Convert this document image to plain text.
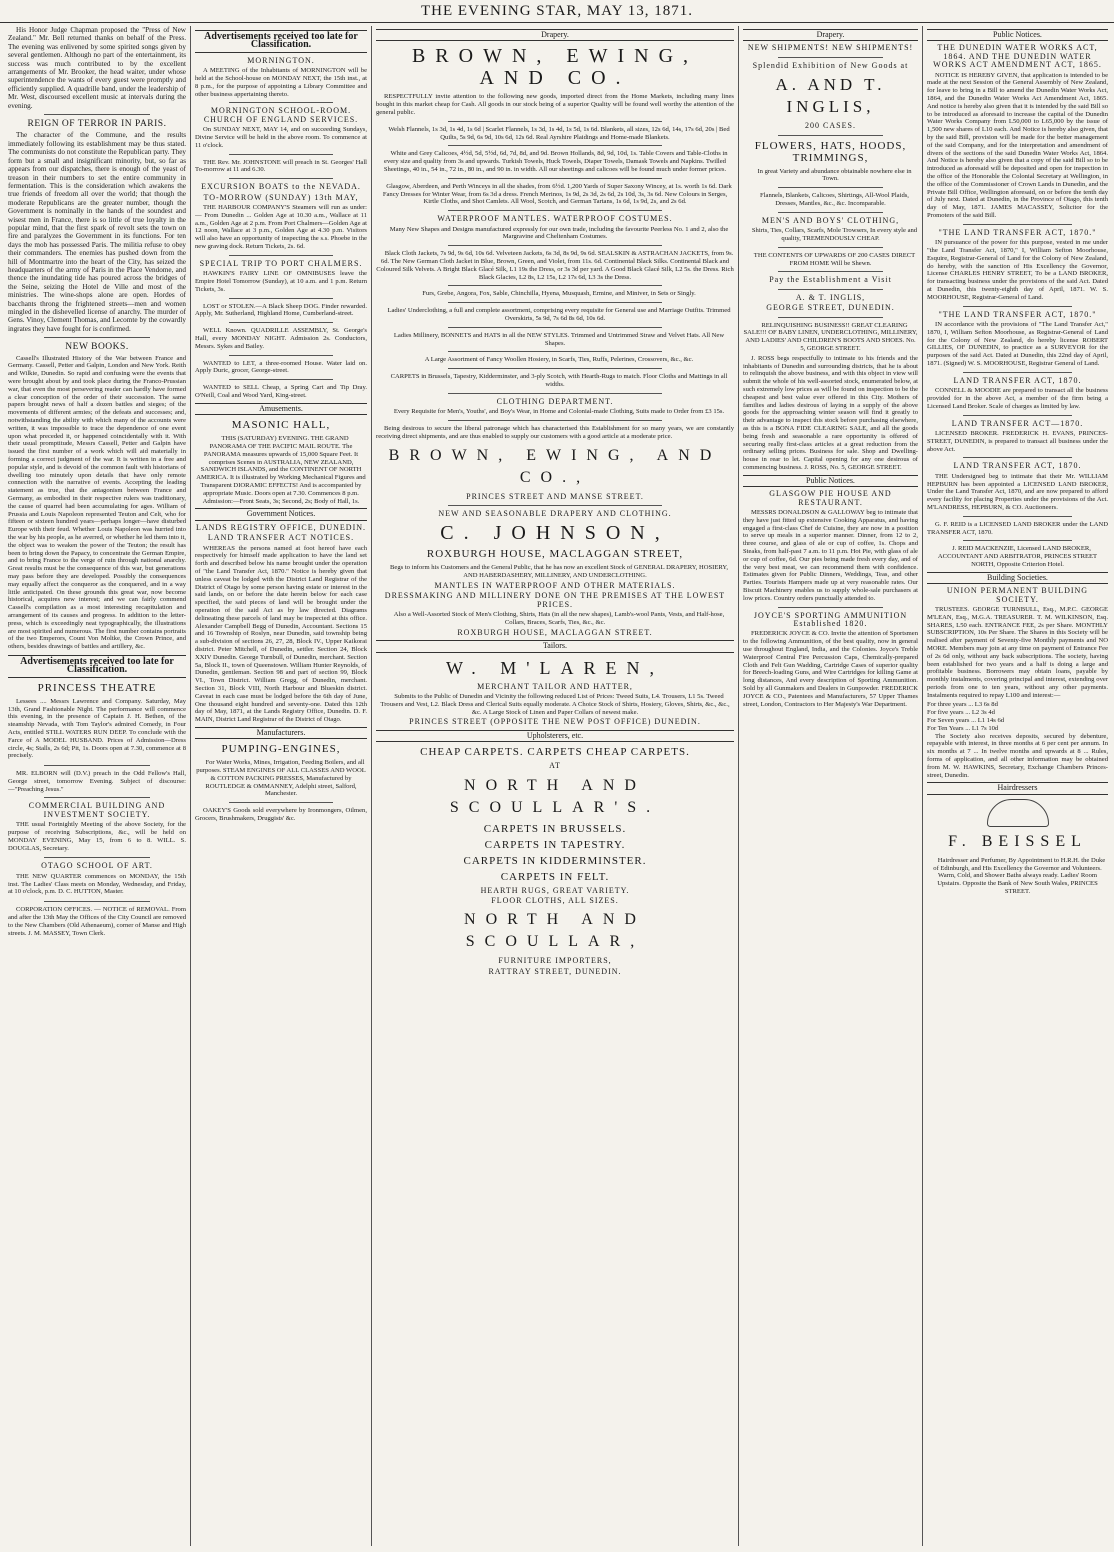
THE EVENING STAR, MAY 13, 1871.

His Honor Judge Chapman proposed the "Press of New Zealand." Mr. Bell returned thanks on behalf of the Press. The evening was enlivened by some spirited songs given by several gentlemen. Although no part of the entertainment, its success was much contributed to by the excellent arrangements of Mr. Brooker, the head waiter, under whose superintendence the wants of every guest were promptly and efficiently supplied. A quadrille band, under the leadership of Mr. West, discoursed excellent music at intervals during the evening.

REIGN OF TERROR IN PARIS.

The character of the Commune, and the results immediately following its establishment may be thus stated. The communists do not constitute the Republican party. They form but a small and insignificant minority, but, so far as appears from our dispatches, there is enough of the yeast of treason in their numbers to set the entire community in fermentation. This is the consideration which awakens the true friends of freedom all over the world; that though the moderate Republicans are the greater number, though the Government is nominally in the hands of the soundest and wisest men in France, there is so little of true loyalty in the popular mind, that the first spark of revolt sets the town on fire and paralyzes the Government in its functions. For ten days the mob has possessed Paris. The militia refuse to obey their commanders. The enemies has pushed down from the hill of Montmartre into the heart of the City, has seized the headquarters of the army of Paris in the Place Vendome, and thence the inundating tide has poured across the bridges of the Seine, seizing the Hotel de Ville and most of the ministries. The wine-shops alone are open. Hordes of bacchants throng the frightened streets—men and women mingled in the dishevelled license of anarchy. The murder of Gens. Vinoy, Clement Thomas, and Lecomte by the cowardly ingrates they have fought for is confirmed.

NEW BOOKS.

Cassell's Illustrated History of the War between France and Germany. Cassell, Petter and Galpin, London and New York. Reith and Wilkie, Dunedin. So rapid and confusing were the events that were brought about by and took place during the Franco-Prussian war, that even the most persevering reader can hardly have formed a clear conception of the order of their succession. The same papers brought news of half a dozen battles and sieges; of the movements of different armies; of the defeats and successes; and, notwithstanding the ability with which many of the accounts were written, it was impossible to trace the dependence of one event upon what preceded it, or happened coincidentally with it. With their usual promptitude, Messrs Cassell, Petter and Galpin have issued the first number of a work which will aid materially in forming a correct judgment of the war. It is written in a free and popular style, and is devoid of the common fault with historians of dwelling too minutely upon details that have only remote connection with the narrative of events. Accepting the leading statement as true, that the antagonism between France and Germany, as embodied in their respective rulers was traditionary, the cause of quarrel had been accumulating for ages. William of Prussia and Louis Napoleon represented Teuton and Celt, who for fifteen or sixteen hundred years—perhaps longer—have disturbed Europe with their feud. Whether Louis Napoleon was hurried into the war by his people, as he averred, or whether he led them into it, the object was to weaken the power of the Teuton; the result has been to bring down the Papacy, to concentrate the German Empire, and to bring France to the verge of ruin through national anarchy. Great results must be the consequence of this war, but generations may pass before they are developed. Possibly the consequences may equally affect the conqueror as the conquered, and in a way little anticipated. On these grounds this great war, now become historical, acquires new interest; and we can fairly commend Cassell's compilation as a most interesting recapitulation and arrangement of its causes and progress. In addition to the letter-press, which is exceedingly neat typographically, the illustrations are most spirited and numerous. The first number contains portraits of the two Emperors, Count Von Moltke, the Crown Prince, and others, besides drawings of battles and artillery, &c.

Advertisements received too late for Classification.
PRINCESS THEATRE

Lessees .... Messrs Lawrence and Company. Saturday, May 13th, Grand Fashionable Night. The performance will commence this evening, in the presence of Captain J. H. Bethen, of the steamship Nevada, with Tom Taylor's admired Comedy, in Four Acts, entitled STILL WATERS RUN DEEP. To conclude with the Farce of A MODEL HUSBAND. Prices of Admission—Dress circle, 4s; Stalls, 2s 6d; Pit, 1s. Doors open at 7.30, commence at 8 precisely.

MR. ELBORN will (D.V.) preach in the Odd Fellow's Hall, George street, tomorrow Evening. Subject of discourse:—"Preaching Jesus."

COMMERCIAL BUILDING AND INVESTMENT SOCIETY.

THE usual Fortnightly Meeting of the above Society, for the purpose of receiving Subscriptions, &c., will be held on MONDAY EVENING, May 15, from 6 to 8. WILL. S. DOUGLAS, Secretary.

OTAGO SCHOOL OF ART.

THE NEW QUARTER commences on MONDAY, the 15th inst. The Ladies' Class meets on Monday, Wednesday, and Friday, at 10 o'clock, p.m. D. C. HUTTON, Master.

CORPORATION OFFICES. — NOTICE of REMOVAL. From and after the 13th May the Offices of the City Council are removed to the New Chambers (Old Athenaeum), corner of Manse and High streets. J. M. MASSEY, Town Clerk.

Advertisements received too late for Classification.
MORNINGTON.

A MEETING of the Inhabitants of MORNINGTON will be held at the School-house on MONDAY NEXT, the 15th inst., at 8 p.m., for the purpose of appointing a Library Committee and other business appertaining thereto.

MORNINGTON SCHOOL-ROOM. CHURCH OF ENGLAND SERVICES.

On SUNDAY NEXT, MAY 14, and on succeeding Sundays, Divine Service will be held in the above room. To commence at 11 o'clock.

THE Rev. Mr. JOHNSTONE will preach in St. Georges' Hall To-morrow at 11 and 6.30.

EXCURSION BOATS to the NEVADA.
TO-MORROW (SUNDAY) 13th MAY,

THE HARBOUR COMPANY'S Steamers will run as under:— From Dunedin ... Golden Age at 10.30 a.m., Wallace at 11 a.m., Golden Age at 2 p.m. From Port Chalmers—Golden Age at 12 noon, Wallace at 3 p.m., Golden Age at 4.30 p.m. Visitors will also have an opportunity of inspecting the s.s. Phoebe in the new graving dock. Return Tickets, 2s. 6d.

SPECIAL TRIP TO PORT CHALMERS.

HAWKIN'S FAIRY LINE OF OMNIBUSES leave the Empire Hotel Tomorrow (Sunday), at 10 a.m. and 1 p.m. Return Tickets, 3s.

LOST or STOLEN.—A Black Sheep DOG. Finder rewarded. Apply, Mr. Sutherland, Highland Home, Cumberland-street.

WELL Known. QUADRILLE ASSEMBLY, St. George's Hall, every MONDAY NIGHT. Admission 2s. Conductors, Messrs. Sykes and Bailey.

WANTED to LET, a three-roomed House. Water laid on. Apply Duric, grocer, George-street.

WANTED to SELL Cheap, a Spring Cart and Tip Dray. O'Neill, Coal and Wood Yard, King-street.

Amusements.
MASONIC HALL,

THIS (SATURDAY) EVENING. THE GRAND PANORAMA OF THE PACIFIC MAIL ROUTE. The PANORAMA measures upwards of 15,000 Square Feet. It comprises Scenes in AUSTRALIA, NEW ZEALAND, SANDWICH ISLANDS, and the CONTINENT OF NORTH AMERICA. It is illustrated by Working Mechanical Figures and Transparent DIORAMIC EFFECTS! And is accompanied by appropriate Music. Doors open at 7.30. Commences 8 p.m. Admission:—Front Seats, 3s; Second, 2s; Body of Hall, 1s.

Government Notices.
LANDS REGISTRY OFFICE, DUNEDIN.
LAND TRANSFER ACT NOTICES.

WHEREAS the persons named at foot hereof have each respectively for himself made application to have the land set forth and described below his name brought under the operation of "the Land Transfer Act, 1870." Notice is hereby given that unless caveat be lodged with the District Land Registrar of the District of Otago by some person having estate or interest in the said lands, on or before the date herein below for each case specified, the said pieces of land will be brought under the operation of the said Act as by law directed. Diagrams delineating these parcels of land may be inspected at this office. Alexander Campbell Begg of Dunedin, Accountant. Sections 15 and 16 Township of Roslyn, near Dunedin, said township being a sub-division of sections 26, 27, 28, Block IV., Upper Kaikorai district. Peter Mitchell, of Dunedin, settler. Section 24, Block XXIV Dunedin. George Turnbull, of Dunedin, merchant. Section 5a, Block II., town of Queenstown. William Hunter Reynolds, of Dunedin, gentleman. Section 98 and part of section 99, Block VI., Town District. William Gregg, of Dunedin, merchant. Section 31, Block VIII, North Harbour and Blueskin district. Caveat in each case must be lodged before the 6th day of June, One thousand eight hundred and seventy-one. Dated this 12th day of May, 1871, at the Lands Registry Office, Dunedin. D. F. MAIN, District Land Registrar of the District of Otago.

Manufacturers.
PUMPING-ENGINES,

For Water Works, Mines, Irrigation, Feeding Boilers, and all purposes. STEAM ENGINES OF ALL CLASSES AND WOOL & COTTON PACKING PRESSES, Manufactured by ROUTLEDGE & OMMANNEY, Adelphi street, Salford, Manchester.

OAKEY'S Goods sold everywhere by Ironmongers, Oilmen, Grocers, Brushmakers, Druggists' &c.

Drapery.
BROWN, EWING, AND CO.

RESPECTFULLY invite attention to the following new goods, imported direct from the Home Markets, including many lines bought in this market cheap for Cash. All goods in our stock being of a superior Quality will be found well worthy the attention of the general public.

Welsh Flannels, 1s 3d, 1s 4d, 1s 6d | Scarlet Flannels, 1s 3d, 1s 4d, 1s 5d, 1s 6d. Blankets, all sizes, 12s 6d, 14s, 17s 6d, 20s | Bed Quilts, 5s 9d, 6s 9d, 10s 6d, 12s 6d. Real Ayrshire Plaidings and Home-made Blankets.

White and Grey Calicoes, 4½d, 5d, 5½d, 6d, 7d, 8d, and 9d. Brown Hollands, 8d, 9d, 10d, 1s. Table Covers and Table-Cloths in every size and quality from 3s and upwards. Turkish Towels, Huck Towels, Diaper Towels, Damask Towels and Napkins. Twilled Sheetings, 40 in., 54 in., 72 in., 80 in., and 90 in. in width. All our sheetings and calicoes will be found much under former prices.

Glasgow, Aberdeen, and Perth Winceys in all the shades, from 6½d. 1,200 Yards of Super Saxony Wincey, at 1s. worth 1s 6d. Dark Fancy Dresses for Winter Wear, from 6s 3d a dress. French Merinos, 1s 9d, 2s 3d, 2s 6d, 2s 10d, 3s, 3s 6d. New Colours in Serges, Kirtle Cloths, and Shot Camlets. All Wool, Scotch, and German Tartans, 1s 6d, 1s 9d, 2s, and 2s 6d.

WATERPROOF MANTLES. WATERPROOF COSTUMES.

Many New Shapes and Designs manufactured expressly for our own trade, including the favourite Peerless No. 1 and 2, also the Margravine and Cheltenham Costumes.

Black Cloth Jackets, 7s 9d, 9s 6d, 10s 6d. Velveteen Jackets, 6s 3d, 8s 9d, 9s 6d. SEALSKIN & ASTRACHAN JACKETS, from 9s. 6d. The New German Cloth Jacket in Blue, Brown, Green, and Violet, from 11s. 6d. Continental Black Silks. Continental Black and Coloured Silk Velvets. A Bright Black Glacé Silk, L1 19s the Dress, or 3s 3d per yard. A Good Black Glacé Silk, L2 5s. the Dress. Rich Black Glacies, L2 8s, L2 15s, L2 17s 6d, L3 3s the Dress.

Furs, Grebe, Angora, Fox, Sable, Chinchilla, Hyena, Musquash, Ermine, and Miniver, in Sets or Singly.

Ladies' Underclothing, a full and complete assortment, comprising every requisite for General use and Marriage Outfits. Trimmed Overskirts, 5s 9d, 7s 6d 8s 6d, 10s 6d.

Ladies Millinery, BONNETS and HATS in all the NEW STYLES. Trimmed and Untrimmed Straw and Velvet Hats. All New Shapes.

A Large Assortment of Fancy Woollen Hosiery, in Scarfs, Ties, Ruffs, Pelerines, Crossovers, &c., &c.

CARPETS in Brussels, Tapestry, Kidderminster, and 3-ply Scotch, with Hearth-Rugs to match. Floor Cloths and Mattings in all widths.

CLOTHING DEPARTMENT.

Every Requisite for Men's, Youths', and Boy's Wear, in Home and Colonial-made Clothing, Suits made to Order from £3 15s.

Being desirous to secure the liberal patronage which has characterised this Establishment for so many years, we are constantly receiving direct shipments, and are thus enabled to supply our customers with a good article at a moderate price.

BROWN, EWING, AND CO.,
PRINCES STREET AND MANSE STREET.
NEW AND SEASONABLE DRAPERY AND CLOTHING.
C. JOHNSON,
ROXBURGH HOUSE, MACLAGGAN STREET,

Begs to inform his Customers and the General Public, that he has now an excellent Stock of GENERAL DRAPERY, HOSIERY, AND HABERDASHERY, MILLINERY, AND UNDERCLOTHING.

MANTLES IN WATERPROOF AND OTHER MATERIALS.
DRESSMAKING AND MILLINERY DONE ON THE PREMISES AT THE LOWEST PRICES.

Also a Well-Assorted Stock of Men's Clothing, Shirts, Hats (in all the new shapes), Lamb's-wool Pants, Vests, and Half-hose, Collars, Braces, Scarfs, Ties, &c., &c.

ROXBURGH HOUSE, MACLAGGAN STREET.
Tailors.
W. M'LAREN,
MERCHANT TAILOR AND HATTER,

Submits to the Public of Dunedin and Vicinity the following reduced List of Prices: Tweed Suits, L4. Trousers, L1 5s. Tweed Trousers and Vest, L2. Black Dress and Clerical Suits equally moderate. A Choice Stock of Shirts, Hosiery, Gloves, Shirts, &c., &c., &c. A Large Stock of Linen and Paper Collars of newest make.

PRINCES STREET (OPPOSITE THE NEW POST OFFICE) DUNEDIN.
Upholsterers, etc.
CHEAP CARPETS. CARPETS CHEAP CARPETS.
AT
NORTH AND SCOULLAR'S.
CARPETS IN BRUSSELS.
CARPETS IN TAPESTRY.
CARPETS IN KIDDERMINSTER.
CARPETS IN FELT.
HEARTH RUGS, GREAT VARIETY.
FLOOR CLOTHS, ALL SIZES.
NORTH AND SCOULLAR,
FURNITURE IMPORTERS,
RATTRAY STREET, DUNEDIN.
Drapery.
NEW SHIPMENTS! NEW SHIPMENTS!
Splendid Exhibition of New Goods at
A. AND T. INGLIS,
200 CASES.
FLOWERS, HATS, HOODS, TRIMMINGS,

In great Variety and abundance obtainable nowhere else in Town.

Flannels, Blankets, Calicoes, Shirtings, All-Wool Plaids, Dresses, Mantles, &c., &c. Incomparable.

MEN'S AND BOYS' CLOTHING,

Shirts, Ties, Collars, Scarfs, Mole Trowsers, In every style and quality, TREMENDOUSLY CHEAP.

THE CONTENTS OF UPWARDS OF 200 CASES DIRECT FROM HOME Will be Shewn.

Pay the Establishment a Visit
A. & T. INGLIS,
GEORGE STREET, DUNEDIN.

RELINQUISHING BUSINESS!! GREAT CLEARING SALE!!! OF BABY LINEN, UNDERCLOTHING, MILLINERY, AND LADIES' AND CHILDREN'S BOOTS AND SHOES. No. 5, GEORGE STREET.

J. ROSS begs respectfully to intimate to his friends and the inhabitants of Dunedin and surrounding districts, that he is about to relinquish the above business, and with this object in view will submit the whole of his well-assorted stock, enumerated below, at such extremely low prices as will be found on inspection to be the cheapest and best value ever offered in this City. Mothers of families and ladies desirous of laying in a supply of the above goods for the approaching winter season will find it greatly to their advantage to inspect this stock before purchasing elsewhere, as this is a BONA FIDE CLEARING SALE, and all the goods being fresh and seasonable a rare opportunity is offered of securing really first-class articles at a great reduction from the ordinary selling prices. Business for sale. Shop and Dwelling-house in rear to let. Capital opening for any one desirous of commencing business. J. ROSS, No. 5, GEORGE STREET.

Public Notices.
GLASGOW PIE HOUSE AND RESTAURANT.

MESSRS DONALDSON & GALLOWAY beg to intimate that they have just fitted up extensive Cooking Apparatus, and having engaged a first-class Chef de Cuisine, they are now in a position to serve up meals in a superior manner. Dinner, from 12 to 2, three course, and glass of ale or cup of coffee, 1s. Chops and Steaks, from half-past 7 a.m. to 11 p.m. Hot Pie, with glass of ale or cup of coffee, 6d. Our pies being made fresh every day, and of the very best meat, we can recommend them with confidence. Estimates given for Public Dinners, Weddings, Teas, and other Parties. Tourists Hampers made up at very reasonable rates. Our Biscuit Machinery enables us to supply whole-sale purchasers at low prices. Country orders punctually attended to.

JOYCE'S SPORTING AMMUNITION Established 1820.

FREDERICK JOYCE & CO. Invite the attention of Sportsmen to the following Ammunition, of the best quality, now in general use throughout England, India, and the Colonies. Joyce's Treble Waterproof Central Fire Percussion Caps, Chemically-prepared Cloth and Felt Gun Wadding, Cartridge Cases of superior quality for Breech-loading Guns, and Wire Cartridges for killing Game at long distances, And every description of Sporting Ammunition. Sold by all Gunmakers and Dealers in Gunpowder. FREDERICK JOYCE & CO., Patentees and Manufacturers, 57 Upper Thames street, London, Contractors to Her Majesty's War Department.

Public Notices.
THE DUNEDIN WATER WORKS ACT, 1864. AND THE DUNEDIN WATER WORKS ACT AMENDMENT ACT, 1865.

NOTICE IS HEREBY GIVEN, that application is intended to be made at the next Session of the General Assembly of New Zealand, for leave to bring in a Bill to amend the Dunedin Water Works Act, 1864, and the Dunedin Water Works Act Amendment Act, 1865. And notice is hereby also given that it is intended by the said Bill so to be introduced as aforesaid to increase the capital of the Dunedin Water Works Company from L50,000 to L65,000 by the issue of 1,500 new shares of L10 each. And Notice is hereby also given, that by the said Bill, provision will be made for the better management of the said Company, and for the interpretation and amendment of divers of the sections of the said Dunedin Water Works Act, 1864. And Notice is hereby also given that a copy of the said Bill so to be introduced as aforesaid will be deposited and open for inspection in the office of the Honorable the Colonial Secretary at Wellington, in the office of the Commissioner of Crown Lands in Dunedin, and the Private Bill Office, Wellington aforesaid, on or before the tenth day of July next. Dated at Dunedin, in the Province of Otago, this tenth day of May, 1871. JAMES MACASSEY, Solicitor for the Promoters of the said Bill.

"THE LAND TRANSFER ACT, 1870."

IN pursuance of the power for this purpose, vested in me under "the Land Transfer Act, 1870," I, William Sefton Moorhouse, Esquire, Registrar-General of Land for the Colony of New Zealand, do hereby, with the sanction of His Excellency the Governor, License CHARLES HENRY STREET, To be a LAND BROKER, for transacting business under the provisions of the said Act. Dated at Dunedin, this twenty-eighth day of April, 1871. W. S. MOORHOUSE, Registrar-General of Land.

"THE LAND TRANSFER ACT, 1870."

IN accordance with the provisions of "The Land Transfer Act," 1870, I, William Sefton Moorhouse, as Registrar-General of Land for the Colony of New Zealand, do hereby license ROBERT GILLIES, OF DUNEDIN, to practice as a SURVEYOR for the purposes of the said Act. Dated at Dunedin, this 22nd day of April, 1871. (Signed) W. S. MOORHOUSE, Registrar General of Land.

LAND TRANSFER ACT, 1870.

CONNELL & MOODIE are prepared to transact all the business provided for in the above Act, a member of the firm being a Licensed Land Broker. Scale of charges as limited by law.

LAND TRANSFER ACT—1870.

LICENSED BROKER. FREDERICK H. EVANS, PRINCES-STREET, DUNEDIN, is prepared to transact all business under the above Act.

LAND TRANSFER ACT, 1870.

THE Undersigned beg to intimate that their Mr. WILLIAM HEPBURN has been appointed a LICENSED LAND BROKER, Under the Land Transfer Act, 1870, and are now prepared to afford every facility for placing Properties under the provisions of the Act. M'LANDRESS, HEPBURN, & CO. Auctioneers.

G. F. REID is a LICENSED LAND BROKER under the LAND TRANSFER ACT, 1870.

J. REID MACKENZIE, Licensed LAND BROKER, ACCOUNTANT AND ARBITRATOR, PRINCES STREET NORTH, Opposite Criterion Hotel.

Building Societies.
UNION PERMANENT BUILDING SOCIETY.

TRUSTEES. GEORGE TURNBULL, Esq., M.P.C. GEORGE M'LEAN, Esq., M.G.A. TREASURER. T. M. WILKINSON, Esq. SHARES, L50 each. ENTRANCE FEE, 2s per Share. MONTHLY SUBSCRIPTION, 10s Per Share. The Shares in this Society will be realised after payment of Seventy-five Monthly payments and NO MORE. Members may join at any time on payment of Entrance Fee of 2s 6d only, without any back subscriptions. The society, having been established for two years and a half is doing a large and profitable business. Borrowers may obtain loans, payable by monthly instalments, covering principal and interest, extending over periods from one to ten years, without any other payments. Instalments required to repay L100 and interest:—

For three years ... L3 6s 8d
For five years ... L2 3s 4d
For Seven years ... L1 14s 6d
For Ten Years ... L1 7s 10d

The Society also receives deposits, secured by debenture, repayable with interest, in three months at 6 per cent per annum. In six months at 7 ... In twelve months and upwards at 8 ... Rules, forms of application, and all other information may be obtained from M. W. HAWKINS, Secretary, Exchange Chambers Princes-street, Dunedin.

Hairdressers
F. BEISSEL

Hairdresser and Perfumer, By Appointment to H.R.H. the Duke of Edinburgh, and His Excellency the Governor and Volunteers. Warm, Cold, and Shower Baths always ready. Ladies' Room Upstairs. Opposite the Bank of New South Wales, PRINCES STREET.
